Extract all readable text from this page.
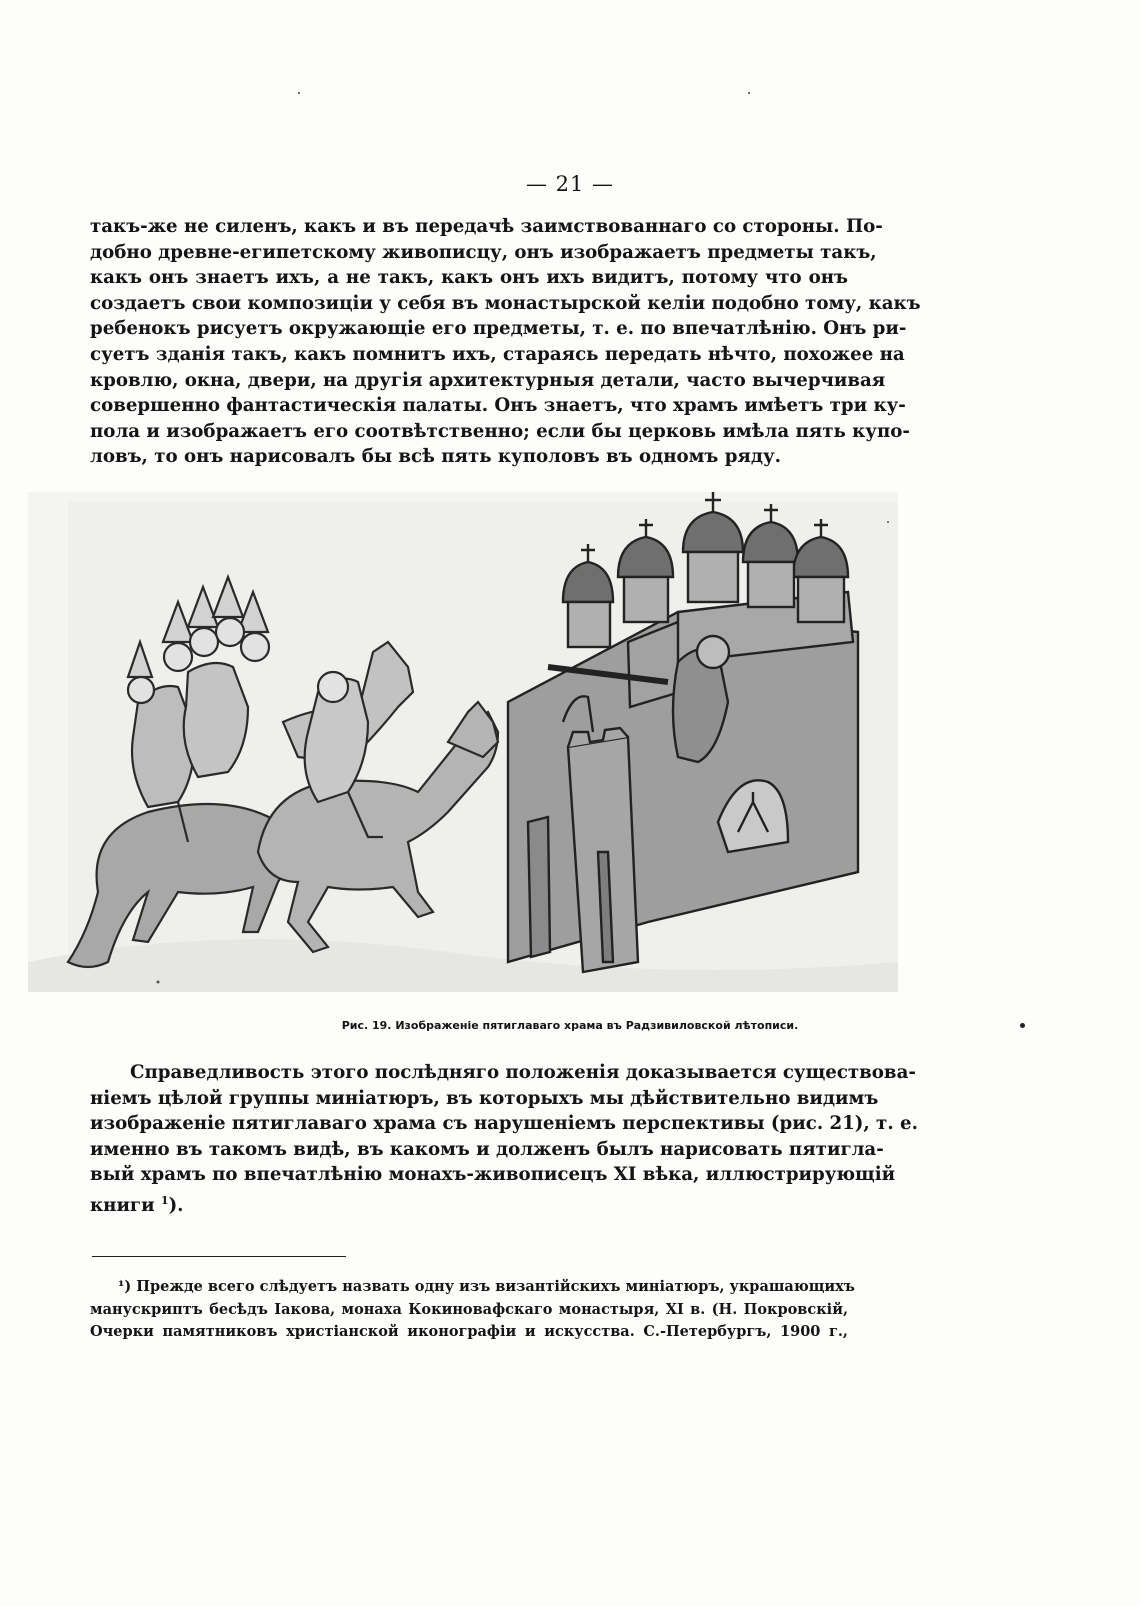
— 21 —
такъ-же не силенъ, какъ и въ передачѣ заимствованнаго со стороны. По-
добно древне-египетскому живописцу, онъ изображаетъ предметы такъ,
какъ онъ знаетъ ихъ, а не такъ, какъ онъ ихъ видитъ, потому что онъ
создаетъ свои композиціи у себя въ монастырской келіи подобно тому, какъ
ребенокъ рисуетъ окружающіе его предметы, т. е. по впечатлѣнію. Онъ ри-
суетъ зданія такъ, какъ помнитъ ихъ, стараясь передать нѣчто, похожее на
кровлю, окна, двери, на другія архитектурныя детали, часто вычерчивая
совершенно фантастическія палаты. Онъ знаетъ, что храмъ имѣетъ три ку-
пола и изображаетъ его соотвѣтственно; если бы церковь имѣла пять купо-
ловъ, то онъ нарисовалъ бы всѣ пять куполовъ въ одномъ ряду.
Рис. 19. Изображеніе пятиглаваго храма въ Радзивиловской лѣтописи.
Справедливость этого послѣдняго положенія доказывается существова-
ніемъ цѣлой группы миніатюръ, въ которыхъ мы дѣйствительно видимъ
изображеніе пятиглаваго храма съ нарушеніемъ перспективы (рис. 21), т. е.
именно въ такомъ видѣ, въ какомъ и долженъ былъ нарисовать пятигла-
вый храмъ по впечатлѣнію монахъ-живописецъ XI вѣка, иллюстрирующій
книги $^1$).
¹) Прежде всего слѣдуетъ назвать одну изъ византійскихъ миніатюръ, украшающихъ
манускриптъ бесѣдъ Іакова, монаха Кокиновафскаго монастыря, XI в. (Н. Покровскій,
Очерки памятниковъ христіанской иконографіи и искусства. С.-Петербургъ, 1900 г.,
